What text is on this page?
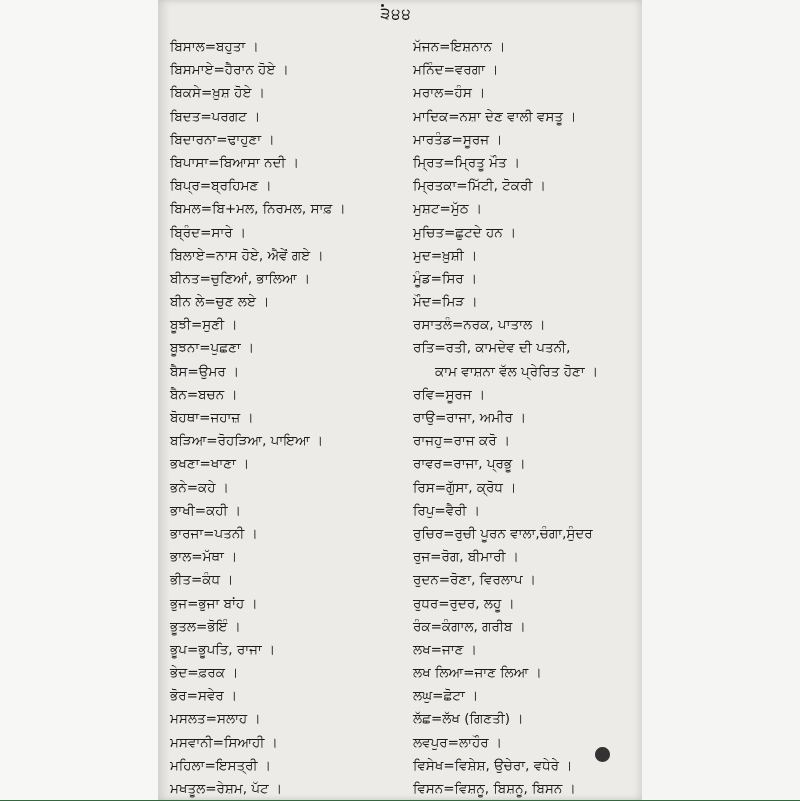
੩੪੪
ਬਿਸਾਲ=ਬਹੁਤਾ ।
ਬਿਸਮਾਏ=ਹੈਰਾਨ ਹੋਏ ।
ਬਿਕਸੇ=ਖ਼ੁਸ਼ ਹੋਏ ।
ਬਿਦਤ=ਪਰਗਟ ।
ਬਿਦਾਰਨਾ=ਢਾਹੁਣਾ ।
ਬਿਪਾਸਾ=ਬਿਆਸਾ ਨਦੀ ।
ਬਿਪ੍ਰ=ਬ੍ਰਹਿਮਣ ।
ਬਿਮਲ=ਬਿ+ਮਲ, ਨਿਰਮਲ, ਸਾਫ਼ ।
ਬ੍ਰਿੰਦ=ਸਾਰੇ ।
ਬਿਲਾਏ=ਨਾਸ ਹੋਏ, ਐਵੇਂ ਗਏ ।
ਬੀਨਤ=ਚੁਣਿਆਂ, ਭਾਲਿਆ ।
ਬੀਨ ਲੇ=ਚੁਣ ਲਏ ।
ਬੂਝੀ=ਸੁਣੀ ।
ਬੂਝਨਾ=ਪੁਛਣਾ ।
ਬੈਸ=ਉਮਰ ।
ਬੈਨ=ਬਚਨ ।
ਬੋਹਥਾ=ਜਹਾਜ਼ ।
ਬੜਿਆ=ਰੋਹੜਿਆ, ਪਾਇਆ ।
ਭਖਣਾ=ਖਾਣਾ ।
ਭਨੇ=ਕਹੇ ।
ਭਾਖੀ=ਕਹੀ ।
ਭਾਰਜਾ=ਪਤਨੀ ।
ਭਾਲ=ਮੱਥਾ ।
ਭੀਤ=ਕੰਧ ।
ਭੁਜ=ਭੁਜਾ ਬਾਂਹ ।
ਭੂਤਲ=ਭੋਇੰ ।
ਭੂਪ=ਭੂਪਤਿ, ਰਾਜਾ ।
ਭੇਦ=ਫ਼ਰਕ ।
ਭੋਰ=ਸਵੇਰ ।
ਮਸਲਤ=ਸਲਾਹ ।
ਮਸਵਾਨੀ=ਸਿਆਹੀ ।
ਮਹਿਲਾ=ਇਸਤ੍ਰੀ ।
ਮਖਤੂਲ=ਰੇਸ਼ਮ, ਪੱਟ ।
ਮੱਜਨ=ਇਸ਼ਨਾਨ ।
ਮਨਿੰਦ=ਵਰਗਾ ।
ਮਰਾਲ=ਹੰਸ ।
ਮਾਦਿਕ=ਨਸ਼ਾ ਦੇਣ ਵਾਲੀ ਵਸਤੂ ।
ਮਾਰਤੰਡ=ਸੂਰਜ ।
ਮ੍ਰਿਤ=ਮ੍ਰਿਤੂ ਮੌਤ ।
ਮ੍ਰਿਤਕਾ=ਮਿੱਟੀ, ਟੋਕਰੀ ।
ਮੁਸ਼ਟ=ਮੁੱਠ ।
ਮੁਚਿਤ=ਛੁਟਦੇ ਹਨ ।
ਮੁਦ=ਖ਼ੁਸ਼ੀ ।
ਮੂੰਡ=ਸਿਰ ।
ਮੌਦ=ਮਿੜ ।
ਰਸਾਤਲੰ=ਨਰਕ, ਪਾਤਾਲ ।
ਰਤਿ=ਰਤੀ, ਕਾਮਦੇਵ ਦੀ ਪਤਨੀ,
ਕਾਮ ਵਾਸ਼ਨਾ ਵੱਲ ਪ੍ਰੇਰਿਤ ਹੋਣਾ ।
ਰਵਿ=ਸੂਰਜ ।
ਰਾਉ=ਰਾਜਾ, ਅਮੀਰ ।
ਰਾਜਹੁ=ਰਾਜ ਕਰੋ ।
ਰਾਵਰ=ਰਾਜਾ, ਪ੍ਰਭੂ ।
ਰਿਸ=ਗੁੱਸਾ, ਕ੍ਰੋਧ ।
ਰਿਪੁ=ਵੈਰੀ ।
ਰੁਚਿਰ=ਰੁਚੀ ਪੂਰਨ ਵਾਲਾ,ਚੰਗਾ,ਸੁੰਦਰ
ਰੁਜ=ਰੋਗ, ਬੀਮਾਰੀ ।
ਰੁਦਨ=ਰੋਣਾ, ਵਿਰਲਾਪ ।
ਰੁਧਰ=ਰੁਦਰ, ਲਹੂ ।
ਰੰਕ=ਕੰਗਾਲ, ਗਰੀਬ ।
ਲਖ=ਜਾਣ ।
ਲਖ ਲਿਆ=ਜਾਣ ਲਿਆ ।
ਲਘੁ=ਛੋਟਾ ।
ਲੱਛ=ਲੱਖ (ਗਿਣਤੀ) ।
ਲਵਪੁਰ=ਲਾਹੌਰ ।
ਵਿਸੇਖ=ਵਿਸ਼ੇਸ਼, ਉਚੇਰਾ, ਵਧੇਰੇ ।
ਵਿਸਨ=ਵਿਸ਼ਨੂ, ਬਿਸ਼ਨੂ, ਬਿਸਨ ।
